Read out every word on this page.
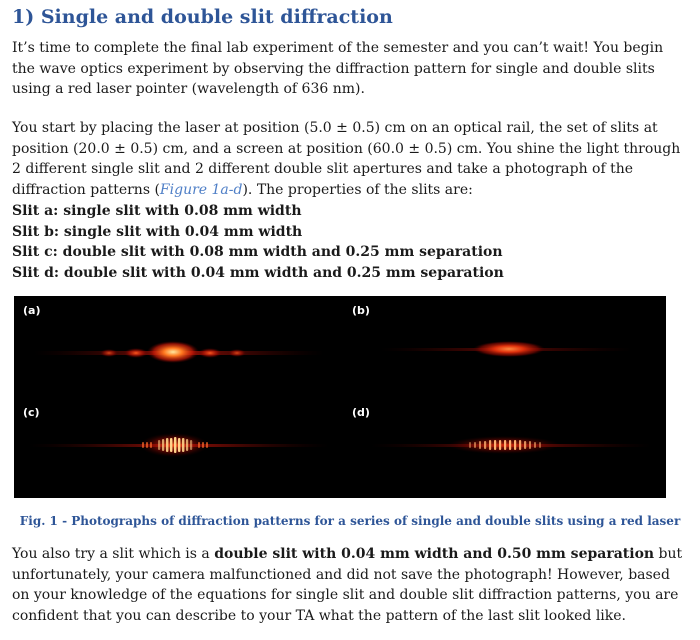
1) Single and double slit diffraction

It’s time to complete the final lab experiment of the semester and you can’t wait! You begin the wave optics experiment by observing the diffraction pattern for single and double slits using a red laser pointer (wavelength of 636 nm).

You start by placing the laser at position (5.0 ± 0.5) cm on an optical rail, the set of slits at position (20.0 ± 0.5) cm, and a screen at position (60.0 ± 0.5) cm. You shine the light through 2 different single slit and 2 different double slit apertures and take a photograph of the diffraction patterns (Figure 1a-d). The properties of the slits are:

Slit a: single slit with 0.08 mm width
Slit b: single slit with 0.04 mm width
Slit c: double slit with 0.08 mm width and 0.25 mm separation
Slit d: double slit with 0.04 mm width and 0.25 mm separation
(a)	(b)
(c)	(d)
Fig. 1 - Photographs of diffraction patterns for a series of single and double slits using a red laser

You also try a slit which is a double slit with 0.04 mm width and 0.50 mm separation but unfortunately, your camera malfunctioned and did not save the photograph! However, based on your knowledge of the equations for single slit and double slit diffraction patterns, you are confident that you can describe to your TA what the pattern of the last slit looked like.
